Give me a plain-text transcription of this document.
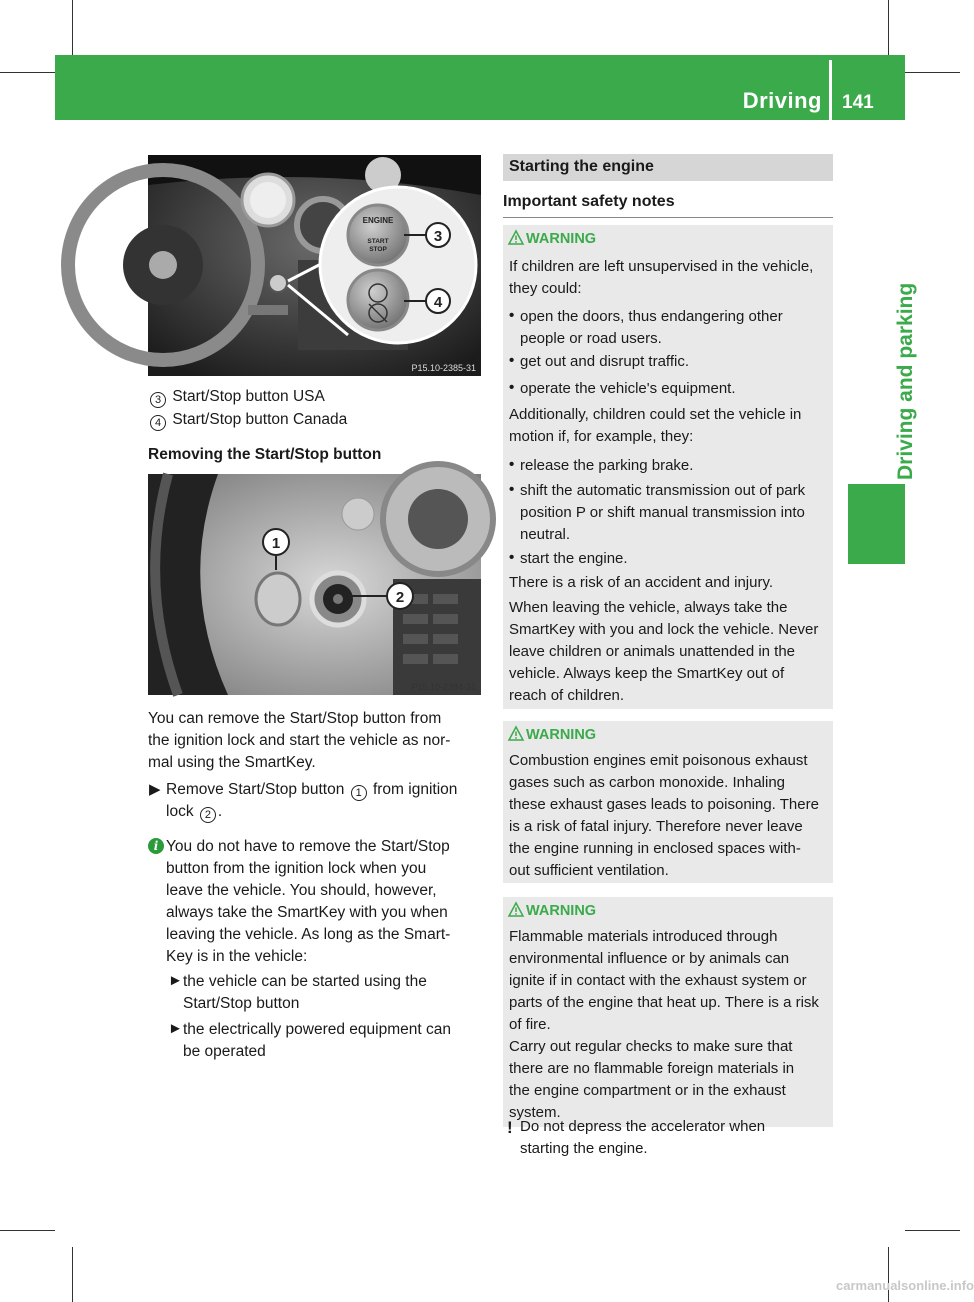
Driving 141
Driving and parking
ENGINE
START
STOP
3
4
P15.10-2385-31
3 Start/Stop button USA
4 Start/Stop button Canada
Removing the Start/Stop button
1
2
P15.10-2384-31
You can remove the Start/Stop button from
the ignition lock and start the vehicle as nor-
mal using the SmartKey.
▶ Remove Start/Stop button 1 from ignition
lock 2 .
i You do not have to remove the Start/Stop
button from the ignition lock when you
leave the vehicle. You should, however,
always take the SmartKey with you when
leaving the vehicle. As long as the Smart-
Key is in the vehicle:
► the vehicle can be started using the
Start/Stop button
► the electrically powered equipment can
be operated
Starting the engine
Important safety notes
WARNING
If children are left unsupervised in the vehicle,
they could:
• open the doors, thus endangering other
people or road users.
• get out and disrupt traffic.
• operate the vehicle's equipment.
Additionally, children could set the vehicle in
motion if, for example, they:
• release the parking brake.
• shift the automatic transmission out of park
position P or shift manual transmission into
neutral.
• start the engine.
There is a risk of an accident and injury.
When leaving the vehicle, always take the
SmartKey with you and lock the vehicle. Never
leave children or animals unattended in the
vehicle. Always keep the SmartKey out of
reach of children.
WARNING
Combustion engines emit poisonous exhaust
gases such as carbon monoxide. Inhaling
these exhaust gases leads to poisoning. There
is a risk of fatal injury. Therefore never leave
the engine running in enclosed spaces with-
out sufficient ventilation.
WARNING
Flammable materials introduced through
environmental influence or by animals can
ignite if in contact with the exhaust system or
parts of the engine that heat up. There is a risk
of fire.
Carry out regular checks to make sure that
there are no flammable foreign materials in
the engine compartment or in the exhaust
system.
! Do not depress the accelerator when
starting the engine.
carmanualsonline.info
